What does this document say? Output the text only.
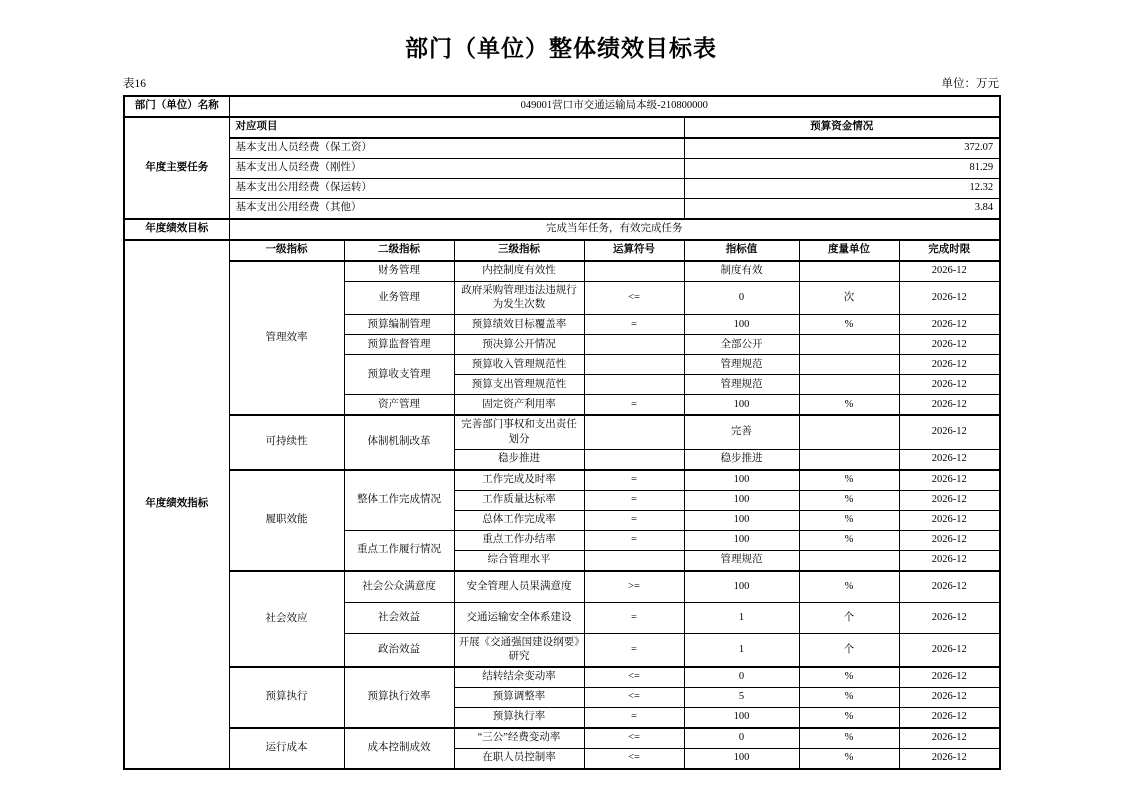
部门（单位）整体绩效目标表
表16	单位：万元
部门（单位）名称	049001营口市交通运输局本级-210800000						
年度主要任务	对应项目				预算资金情况		
	基本支出人员经费（保工资）				372.07		
	基本支出人员经费（刚性）				81.29		
	基本支出公用经费（保运转）				12.32		
	基本支出公用经费（其他）				3.84		
年度绩效目标	完成当年任务，有效完成任务						
年度绩效指标	一级指标	二级指标	三级指标	运算符号	指标值	度量单位	完成时限
	管理效率	财务管理	内控制度有效性		制度有效		2026-12
		业务管理	政府采购管理违法违规行为发生次数	<=	0	次	2026-12
		预算编制管理	预算绩效目标覆盖率	=	100	%	2026-12
		预算监督管理	预决算公开情况		全部公开		2026-12
		预算收支管理	预算收入管理规范性		管理规范		2026-12
			预算支出管理规范性		管理规范		2026-12
		资产管理	固定资产利用率	=	100	%	2026-12
	可持续性	体制机制改革	完善部门事权和支出责任划分		完善		2026-12
			稳步推进		稳步推进		2026-12
	履职效能	整体工作完成情况	工作完成及时率	=	100	%	2026-12
			工作质量达标率	=	100	%	2026-12
			总体工作完成率	=	100	%	2026-12
		重点工作履行情况	重点工作办结率	=	100	%	2026-12
			综合管理水平		管理规范		2026-12
	社会效应	社会公众满意度	安全管理人员果满意度	>=	100	%	2026-12
		社会效益	交通运输安全体系建设	=	1	个	2026-12
		政治效益	开展《交通强国建设纲要》研究	=	1	个	2026-12
	预算执行	预算执行效率	结转结余变动率	<=	0	%	2026-12
			预算调整率	<=	5	%	2026-12
			预算执行率	=	100	%	2026-12
	运行成本	成本控制成效	“三公”经费变动率	<=	0	%	2026-12
			在职人员控制率	<=	100	%	2026-12
